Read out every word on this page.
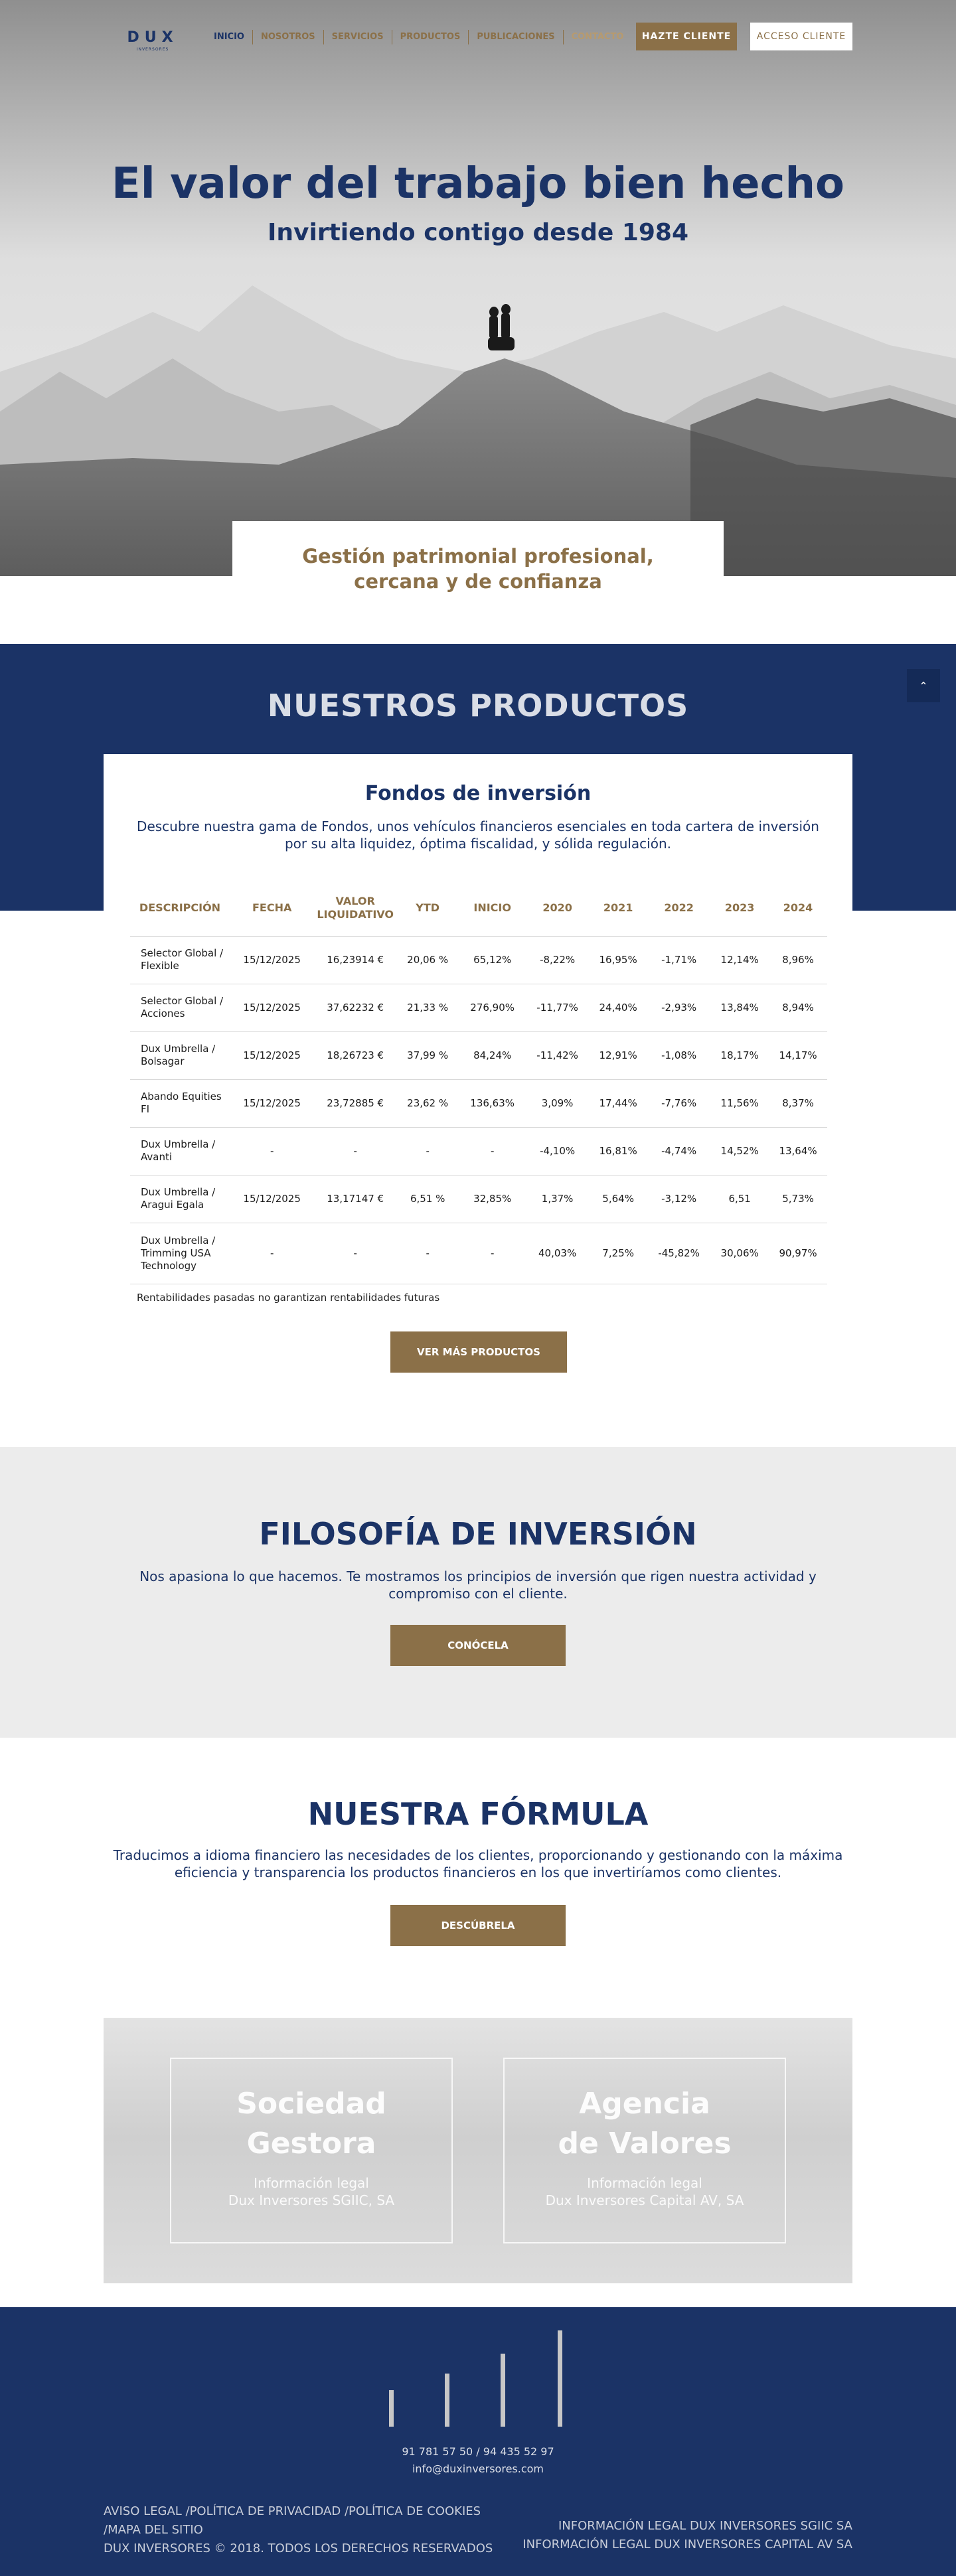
DUX
INVERSORES
INICIO	NOSOTROS	SERVICIOS	PRODUCTOS	PUBLICACIONES	CONTACTO	HAZTE CLIENTE	ACCESO CLIENTE
El valor del trabajo bien hecho
Invirtiendo contigo desde 1984
Gestión patrimonial profesional,
cercana y de confianza
⌃
NUESTROS PRODUCTOS
Fondos de inversión
Descubre nuestra gama de Fondos, unos vehículos financieros esenciales en toda cartera de inversión por su alta liquidez, óptima fiscalidad, y sólida regulación.
DESCRIPCIÓN	FECHA	VALOR LIQUIDATIVO	YTD	INICIO	2020	2021	2022	2023	2024
Selector Global / Flexible	15/12/2025	16,23914 €	20,06 %	65,12%	-8,22%	16,95%	-1,71%	12,14%	8,96%
Selector Global / Acciones	15/12/2025	37,62232 €	21,33 %	276,90%	-11,77%	24,40%	-2,93%	13,84%	8,94%
Dux Umbrella / Bolsagar	15/12/2025	18,26723 €	37,99 %	84,24%	-11,42%	12,91%	-1,08%	18,17%	14,17%
Abando Equities FI	15/12/2025	23,72885 €	23,62 %	136,63%	3,09%	17,44%	-7,76%	11,56%	8,37%
Dux Umbrella / Avanti	-	-	-	-	-4,10%	16,81%	-4,74%	14,52%	13,64%
Dux Umbrella / Aragui Egala	15/12/2025	13,17147 €	6,51 %	32,85%	1,37%	5,64%	-3,12%	6,51	5,73%
Dux Umbrella / Trimming USA Technology	-	-	-	-	40,03%	7,25%	-45,82%	30,06%	90,97%
Rentabilidades pasadas no garantizan rentabilidades futuras
VER MÁS PRODUCTOS
FILOSOFÍA DE INVERSIÓN

Nos apasiona lo que hacemos. Te mostramos los principios de inversión que rigen nuestra actividad y compromiso con el cliente.

CONÓCELA
NUESTRA FÓRMULA

Traducimos a idioma financiero las necesidades de los clientes, proporcionando y gestionando con la máxima eficiencia y transparencia los productos financieros en los que invertiríamos como clientes.

DESCÚBRELA
Sociedad
Gestora
Información legal
Dux Inversores SGIIC, SA
Agencia
de Valores
Información legal
Dux Inversores Capital AV, SA
91 781 57 50 / 94 435 52 97
info@duxinversores.com
AVISO LEGAL /POLÍTICA DE PRIVACIDAD /POLÍTICA DE COOKIES
/MAPA DEL SITIO
DUX INVERSORES © 2018. TODOS LOS DERECHOS RESERVADOS
INFORMACIÓN LEGAL DUX INVERSORES SGIIC SA
INFORMACIÓN LEGAL DUX INVERSORES CAPITAL AV SA
